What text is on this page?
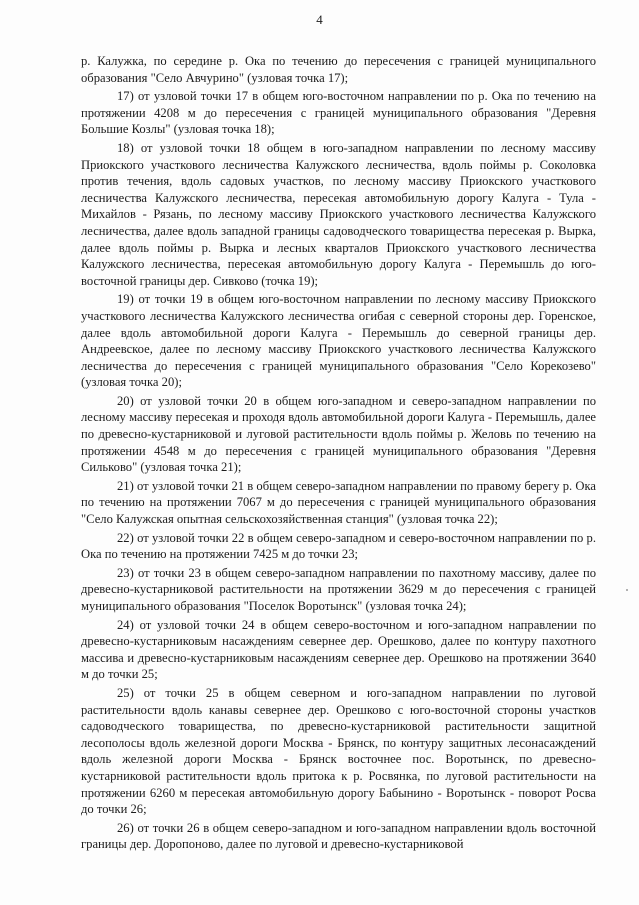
4

р. Калужка, по середине р. Ока по течению до пересечения с границей муниципального образования "Село Авчурино" (узловая точка 17);

17) от узловой точки 17 в общем юго-восточном направлении по р. Ока по течению на протяжении 4208 м до пересечения с границей муниципального образования "Деревня Большие Козлы" (узловая точка 18);

18) от узловой точки 18 общем в юго-западном направлении по лесному массиву Приокского участкового лесничества Калужского лесничества, вдоль поймы р. Соколовка против течения, вдоль садовых участков, по лесному массиву Приокского участкового лесничества Калужского лесничества, пересекая автомобильную дорогу Калуга - Тула - Михайлов - Рязань, по лесному массиву Приокского участкового лесничества Калужского лесничества, далее вдоль западной границы садоводческого товарищества пересекая р. Вырка, далее вдоль поймы р. Вырка и лесных кварталов Приокского участкового лесничества Калужского лесничества, пересекая автомобильную дорогу Калуга - Перемышль до юго-восточной границы дер. Сивково (точка 19);

19) от точки 19 в общем юго-восточном направлении по лесному массиву Приокского участкового лесничества Калужского лесничества огибая с северной стороны дер. Горенское, далее вдоль автомобильной дороги Калуга - Перемышль до северной границы дер. Андреевское, далее по лесному массиву Приокского участкового лесничества Калужского лесничества до пересечения с границей муниципального образования "Село Корекозево" (узловая точка 20);

20) от узловой точки 20 в общем юго-западном и северо-западном направлении по лесному массиву пересекая и проходя вдоль автомобильной дороги Калуга - Перемышль, далее по древесно-кустарниковой и луговой растительности вдоль поймы р. Желовь по течению на протяжении 4548 м до пересечения с границей муниципального образования "Деревня Сильково" (узловая точка 21);

21) от узловой точки 21 в общем северо-западном направлении по правому берегу р. Ока по течению на протяжении 7067 м до пересечения с границей муниципального образования "Село Калужская опытная сельскохозяйственная станция" (узловая точка 22);

22) от узловой точки 22 в общем северо-западном и северо-восточном направлении по р. Ока по течению на протяжении 7425 м до точки 23;

23) от точки 23 в общем северо-западном направлении по пахотному массиву, далее по древесно-кустарниковой растительности на протяжении 3629 м до пересечения с границей муниципального образования "Поселок Воротынск" (узловая точка 24);

24) от узловой точки 24 в общем северо-восточном и юго-западном направлении по древесно-кустарниковым насаждениям севернее дер. Орешково, далее по контуру пахотного массива и древесно-кустарниковым насаждениям севернее дер. Орешково на протяжении 3640 м до точки 25;

25) от точки 25 в общем северном и юго-западном направлении по луговой растительности вдоль канавы севернее дер. Орешково с юго-восточной стороны участков садоводческого товарищества, по древесно-кустарниковой растительности защитной лесополосы вдоль железной дороги Москва - Брянск, по контуру защитных лесонасаждений вдоль железной дороги Москва - Брянск восточнее пос. Воротынск, по древесно-кустарниковой растительности вдоль притока к р. Росвянка, по луговой растительности на протяжении 6260 м пересекая автомобильную дорогу Бабынино - Воротынск - поворот Росва до точки 26;

26) от точки 26 в общем северо-западном и юго-западном направлении вдоль восточной границы дер. Доропоново, далее по луговой и древесно-кустарниковой
